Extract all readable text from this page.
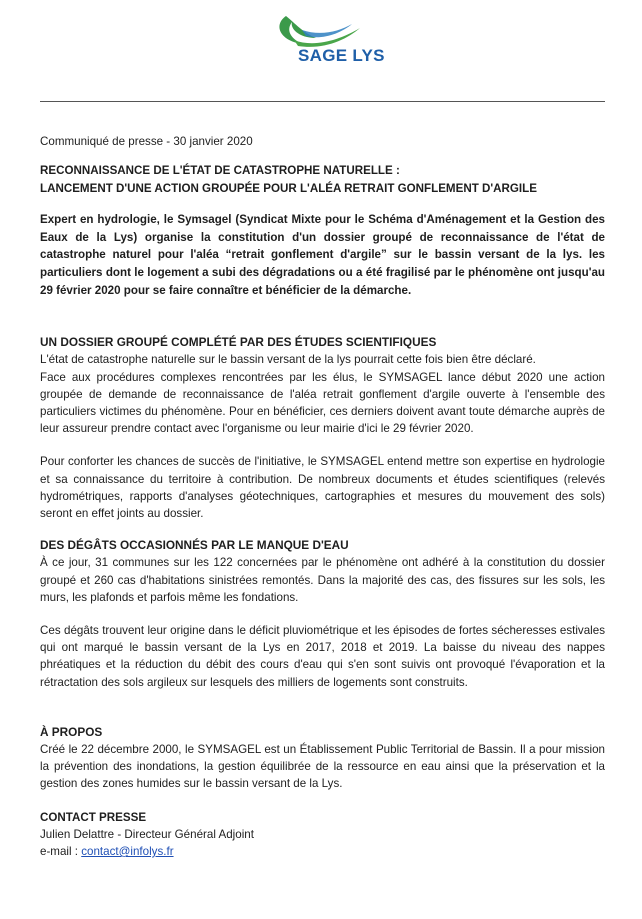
SAGE LYS
Communiqué de presse - 30 janvier 2020
RECONNAISSANCE DE L'ÉTAT DE CATASTROPHE NATURELLE :
LANCEMENT D'UNE ACTION GROUPÉE POUR L'ALÉA RETRAIT GONFLEMENT D'ARGILE

Expert en hydrologie, le Symsagel (Syndicat Mixte pour le Schéma d'Aménagement et la Gestion des Eaux de la Lys) organise la constitution d'un dossier groupé de reconnaissance de l'état de catastrophe naturel pour l'aléa “retrait gonflement d'argile” sur le bassin versant de la lys. les particuliers dont le logement a subi des dégradations ou a été fragilisé par le phénomène ont jusqu'au 29 février 2020 pour se faire connaître et bénéficier de la démarche.

UN DOSSIER GROUPÉ COMPLÉTÉ PAR DES ÉTUDES SCIENTIFIQUES

L'état de catastrophe naturelle sur le bassin versant de la lys pourrait cette fois bien être déclaré.

Face aux procédures complexes rencontrées par les élus, le SYMSAGEL lance début 2020 une action groupée de demande de reconnaissance de l'aléa retrait gonflement d'argile ouverte à l'ensemble des particuliers victimes du phénomène. Pour en bénéficier, ces derniers doivent avant toute démarche auprès de leur assureur prendre contact avec l'organisme ou leur mairie d'ici le 29 février 2020.

Pour conforter les chances de succès de l'initiative, le SYMSAGEL entend mettre son expertise en hydrologie et sa connaissance du territoire à contribution. De nombreux documents et études scientifiques (relevés hydrométriques, rapports d'analyses géotechniques, cartographies et mesures du mouvement des sols) seront en effet joints au dossier.

DES DÉGÂTS OCCASIONNÉS PAR LE MANQUE D'EAU

À ce jour, 31 communes sur les 122 concernées par le phénomène ont adhéré à la constitution du dossier groupé et 260 cas d'habitations sinistrées remontés. Dans la majorité des cas, des fissures sur les sols, les murs, les plafonds et parfois même les fondations.

Ces dégâts trouvent leur origine dans le déficit pluviométrique et les épisodes de fortes sécheresses estivales qui ont marqué le bassin versant de la Lys en 2017, 2018 et 2019. La baisse du niveau des nappes phréatiques et la réduction du débit des cours d'eau qui s'en sont suivis ont provoqué l'évaporation et la rétractation des sols argileux sur lesquels des milliers de logements sont construits.

À PROPOS

Créé le 22 décembre 2000, le SYMSAGEL est un Établissement Public Territorial de Bassin. Il a pour mission la prévention des inondations, la gestion équilibrée de la ressource en eau ainsi que la préservation et la gestion des zones humides sur le bassin versant de la Lys.

CONTACT PRESSE
Julien Delattre - Directeur Général Adjoint
e-mail : contact@infolys.fr
